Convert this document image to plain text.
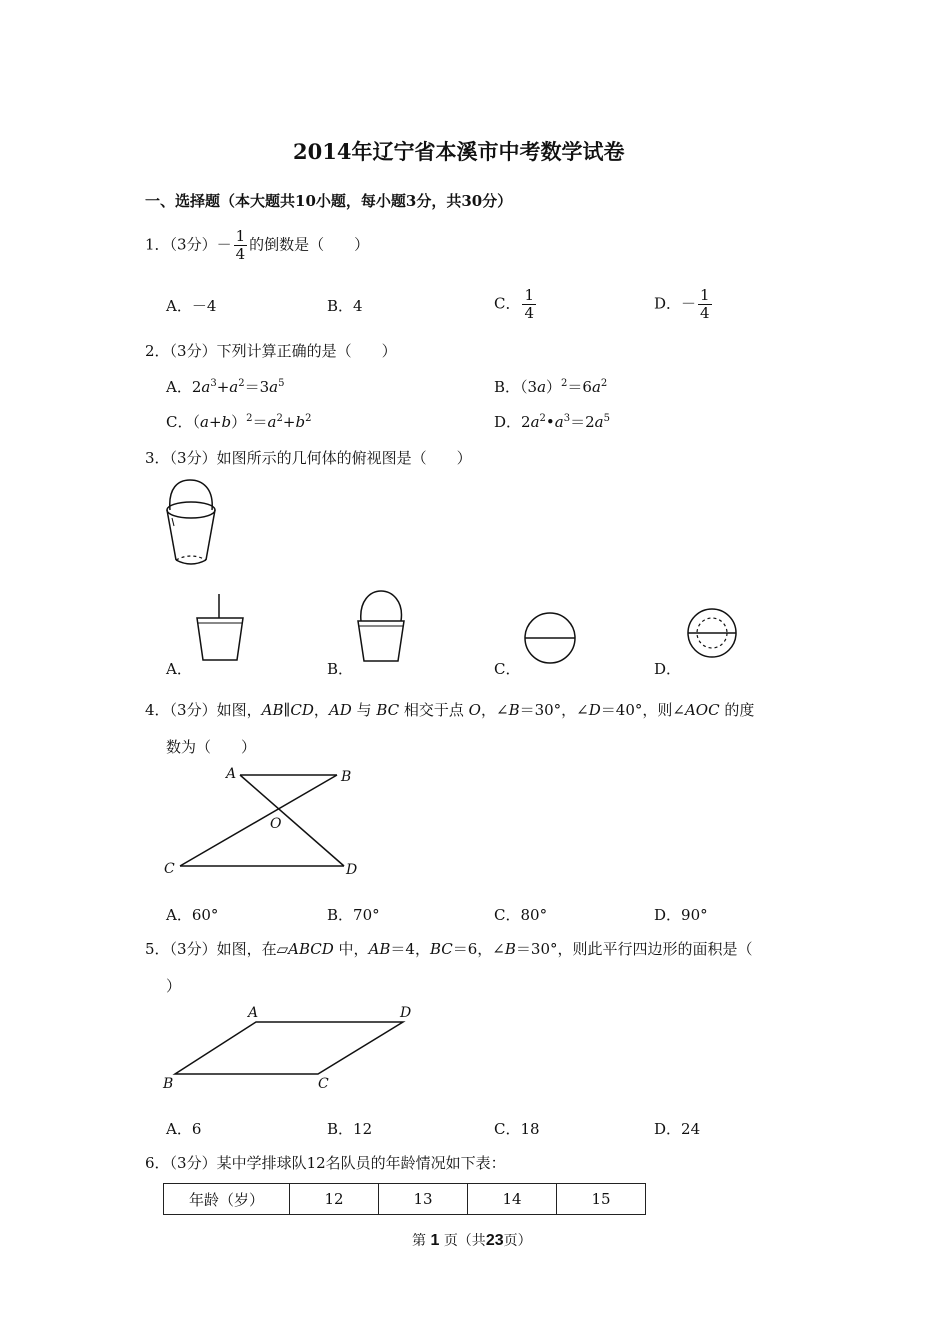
2014年辽宁省本溪市中考数学试卷
一、选择题（本大题共10小题，每小题3分，共30分）
1．（3分）－ $\frac{1}{4}$ 的倒数是（　　）
A．－4	B．4	C． $\frac{1}{4}$	D．－ $\frac{1}{4}$
2．（3分）下列计算正确的是（　　）
A．$2a^3+a^2=3a^5$	B．$(3a)^2=6a^2$
C．$(a+b)^2=a^2+b^2$	D．$2a^2•a^3=2a^5$
3．（3分）如图所示的几何体的俯视图是（　　）
A．	B．	C．	D．
4．（3分）如图，AB∥CD，AD 与 BC 相交于点 O，∠B＝30°，∠D＝40°，则∠AOC 的度
数为（　　）
A	B
O
C	D
A．60°	B．70°	C．80°	D．90°
5．（3分）如图，在▱ABCD 中，AB＝4，BC＝6，∠B＝30°，则此平行四边形的面积是（
）
A	D
B	C
A．6	B．12	C．18	D．24
6．（3分）某中学排球队12名队员的年龄情况如下表：
年龄（岁）	12	13	14	15
第 1 页（共23页）
